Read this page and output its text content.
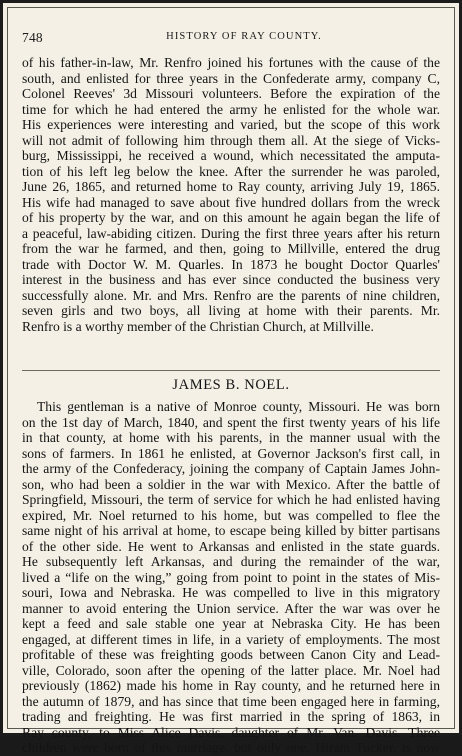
748	HISTORY OF RAY COUNTY.
of his father-in-law, Mr. Renfro joined his fortunes with the cause of the
south, and enlisted for three years in the Confederate army, company C,
Colonel Reeves' 3d Missouri volunteers. Before the expiration of the
time for which he had entered the army he enlisted for the whole war.
His experiences were interesting and varied, but the scope of this work
will not admit of following him through them all. At the siege of Vicks-
burg, Mississippi, he received a wound, which necessitated the amputa-
tion of his left leg below the knee. After the surrender he was paroled,
June 26, 1865, and returned home to Ray county, arriving July 19, 1865.
His wife had managed to save about five hundred dollars from the wreck
of his property by the war, and on this amount he again began the life of
a peaceful, law-abiding citizen. During the first three years after his return
from the war he farmed, and then, going to Millville, entered the drug
trade with Doctor W. M. Quarles. In 1873 he bought Doctor Quarles'
interest in the business and has ever since conducted the business very
successfully alone. Mr. and Mrs. Renfro are the parents of nine children,
seven girls and two boys, all living at home with their parents. Mr.
Renfro is a worthy member of the Christian Church, at Millville.
JAMES B. NOEL.
This gentleman is a native of Monroe county, Missouri. He was born
on the 1st day of March, 1840, and spent the first twenty years of his life
in that county, at home with his parents, in the manner usual with the
sons of farmers. In 1861 he enlisted, at Governor Jackson's first call, in
the army of the Confederacy, joining the company of Captain James John-
son, who had been a soldier in the war with Mexico. After the battle of
Springfield, Missouri, the term of service for which he had enlisted having
expired, Mr. Noel returned to his home, but was compelled to flee the
same night of his arrival at home, to escape being killed by bitter partisans
of the other side. He went to Arkansas and enlisted in the state guards.
He subsequently left Arkansas, and during the remainder of the war,
lived a “life on the wing,” going from point to point in the states of Mis-
souri, Iowa and Nebraska. He was compelled to live in this migratory
manner to avoid entering the Union service. After the war was over he
kept a feed and sale stable one year at Nebraska City. He has been
engaged, at different times in life, in a variety of employments. The most
profitable of these was freighting goods between Canon City and Lead-
ville, Colorado, soon after the opening of the latter place. Mr. Noel had
previously (1862) made his home in Ray county, and he returned here in
the autumn of 1879, and has since that time been engaged here in farming,
trading and freighting. He was first married in the spring of 1863, in
Ray county, to Miss Alice Davis, daughter of Mr. Van. Davis. Three
children were born of this marriage, but only one, Hiram Tucker, is now
